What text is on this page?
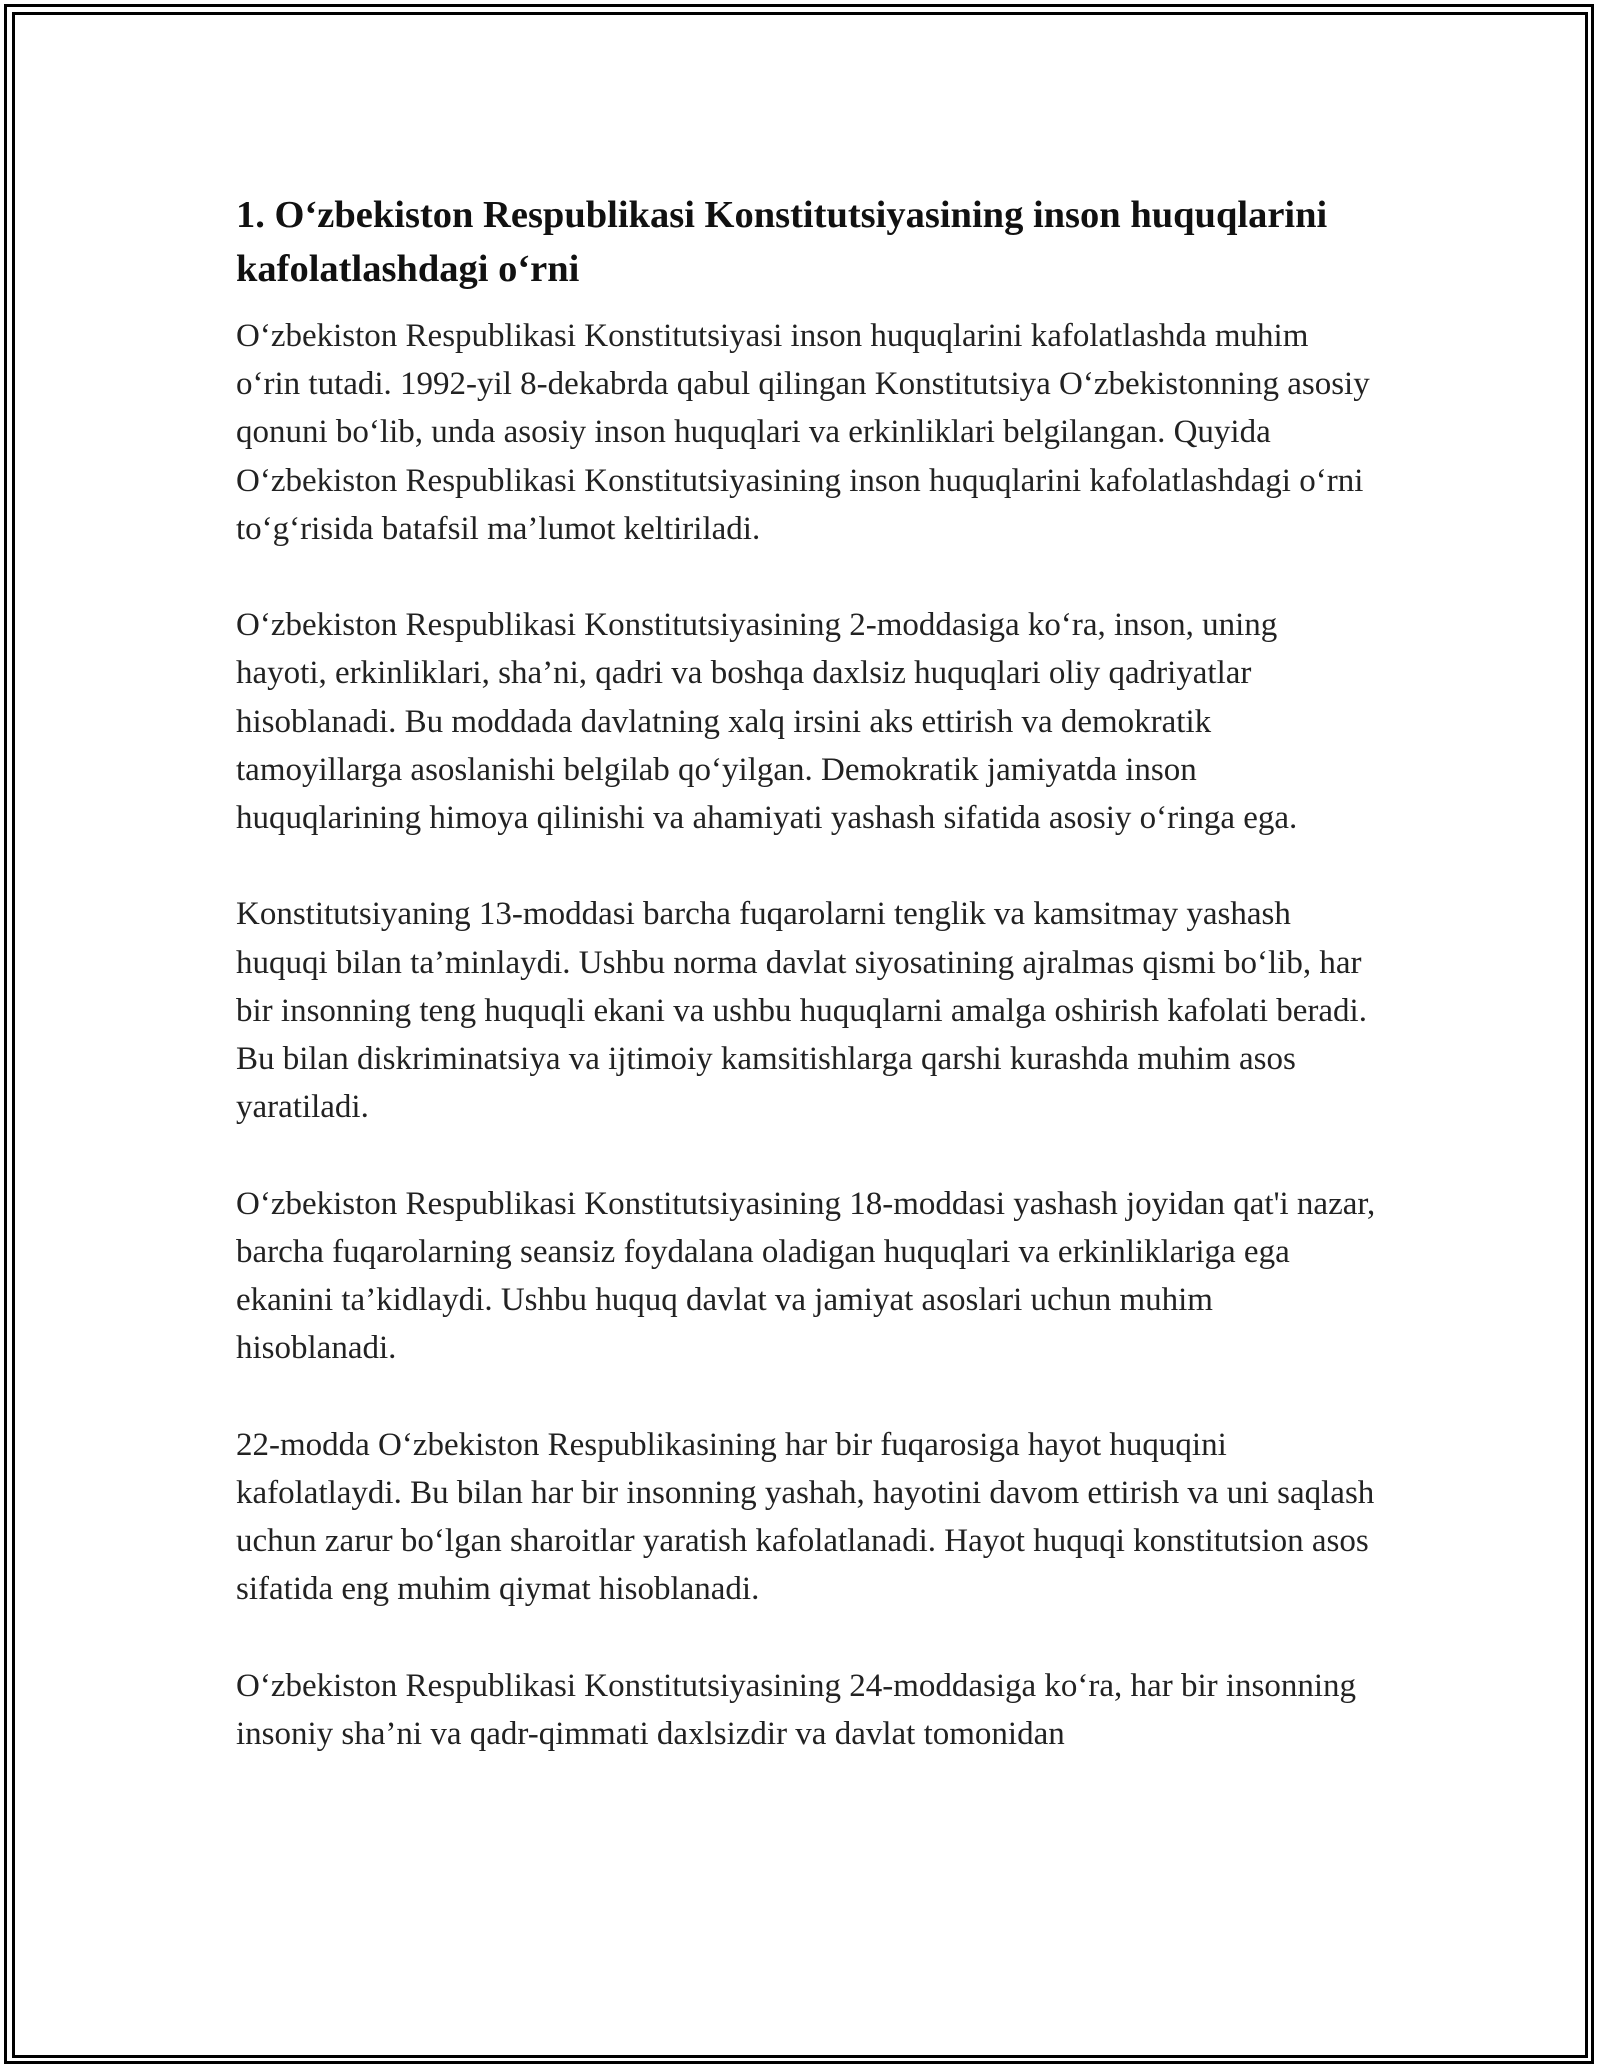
1. O‘zbekiston Respublikasi Konstitutsiyasining inson huquqlarini kafolatlashdagi o‘rni

O‘zbekiston Respublikasi Konstitutsiyasi inson huquqlarini kafolatlashda muhim o‘rin tutadi. 1992-yil 8-dekabrda qabul qilingan Konstitutsiya O‘zbekistonning asosiy qonuni bo‘lib, unda asosiy inson huquqlari va erkinliklari belgilangan. Quyida O‘zbekiston Respublikasi Konstitutsiyasining inson huquqlarini kafolatlashdagi o‘rni to‘g‘risida batafsil ma’lumot keltiriladi.

O‘zbekiston Respublikasi Konstitutsiyasining 2-moddasiga ko‘ra, inson, uning hayoti, erkinliklari, sha’ni, qadri va boshqa daxlsiz huquqlari oliy qadriyatlar hisoblanadi. Bu moddada davlatning xalq irsini aks ettirish va demokratik tamoyillarga asoslanishi belgilab qo‘yilgan. Demokratik jamiyatda inson huquqlarining himoya qilinishi va ahamiyati yashash sifatida asosiy o‘ringa ega.

Konstitutsiyaning 13-moddasi barcha fuqarolarni tenglik va kamsitmay yashash huquqi bilan ta’minlaydi. Ushbu norma davlat siyosatining ajralmas qismi bo‘lib, har bir insonning teng huquqli ekani va ushbu huquqlarni amalga oshirish kafolati beradi. Bu bilan diskriminatsiya va ijtimoiy kamsitishlarga qarshi kurashda muhim asos yaratiladi.

O‘zbekiston Respublikasi Konstitutsiyasining 18-moddasi yashash joyidan qat'i nazar, barcha fuqarolarning seansiz foydalana oladigan huquqlari va erkinliklariga ega ekanini ta’kidlaydi. Ushbu huquq davlat va jamiyat asoslari uchun muhim hisoblanadi.

22-modda O‘zbekiston Respublikasining har bir fuqarosiga hayot huquqini kafolatlaydi. Bu bilan har bir insonning yashah, hayotini davom ettirish va uni saqlash uchun zarur bo‘lgan sharoitlar yaratish kafolatlanadi. Hayot huquqi konstitutsion asos sifatida eng muhim qiymat hisoblanadi.

O‘zbekiston Respublikasi Konstitutsiyasining 24-moddasiga ko‘ra, har bir insonning insoniy sha’ni va qadr-qimmati daxlsizdir va davlat tomonidan
